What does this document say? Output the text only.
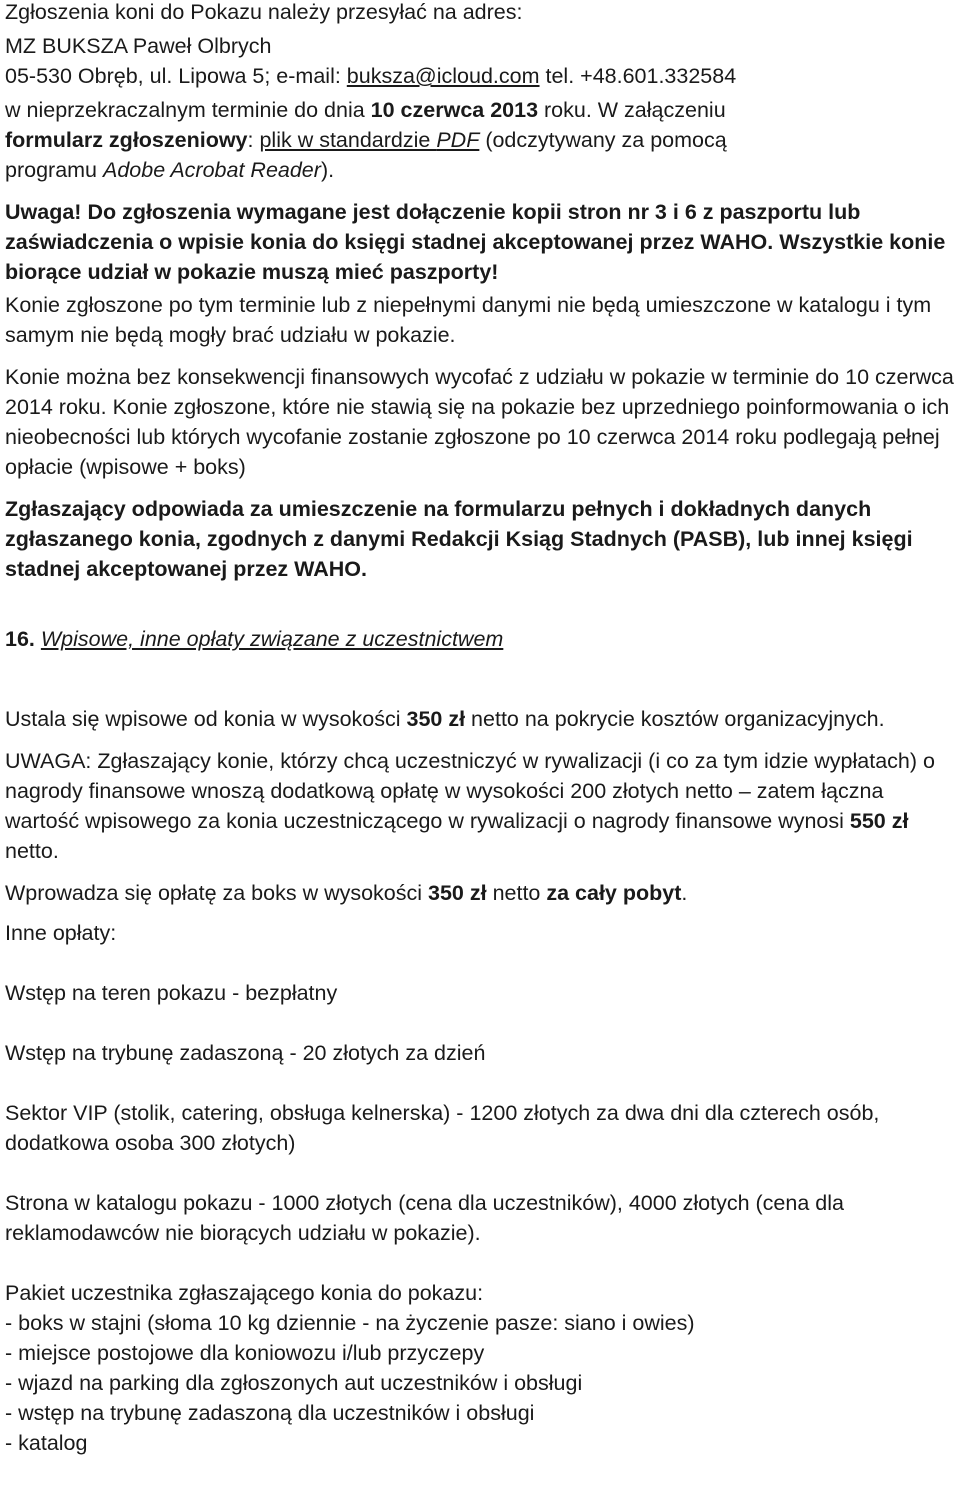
Zgłoszenia koni do Pokazu należy przesyłać na adres:

MZ BUKSZA Paweł Olbrych

05-530 Obręb, ul. Lipowa 5; e-mail: buksza@icloud.com tel. +48.601.332584

w nieprzekraczalnym terminie do dnia 10 czerwca 2013 roku. W załączeniu
formularz zgłoszeniowy: plik w standardzie PDF (odczytywany za pomocą
programu Adobe Acrobat Reader).

Uwaga! Do zgłoszenia wymagane jest dołączenie kopii stron nr 3 i 6 z paszportu lub zaświadczenia o wpisie konia do księgi stadnej akceptowanej przez WAHO. Wszystkie konie biorące udział w pokazie muszą mieć paszporty!

Konie zgłoszone po tym terminie lub z niepełnymi danymi nie będą umieszczone w katalogu i tym samym nie będą mogły brać udziału w pokazie.

Konie można bez konsekwencji finansowych wycofać z udziału w pokazie w terminie do 10 czerwca 2014 roku. Konie zgłoszone, które nie stawią się na pokazie bez uprzedniego poinformowania o ich nieobecności lub których wycofanie zostanie zgłoszone po 10 czerwca 2014 roku podlegają pełnej opłacie (wpisowe + boks)

Zgłaszający odpowiada za umieszczenie na formularzu pełnych i dokładnych danych zgłaszanego konia, zgodnych z danymi Redakcji Ksiąg Stadnych (PASB), lub innej księgi stadnej akceptowanej przez WAHO.

16. Wpisowe, inne opłaty związane z uczestnictwem

Ustala się wpisowe od konia w wysokości 350 zł netto na pokrycie kosztów organizacyjnych.

UWAGA: Zgłaszający konie, którzy chcą uczestniczyć w rywalizacji (i co za tym idzie wypłatach) o nagrody finansowe wnoszą dodatkową opłatę w wysokości 200 złotych netto – zatem łączna wartość wpisowego za konia uczestniczącego w rywalizacji o nagrody finansowe wynosi 550 zł netto.

Wprowadza się opłatę za boks w wysokości 350 zł netto za cały pobyt.

Inne opłaty:

Wstęp na teren pokazu - bezpłatny

Wstęp na trybunę zadaszoną - 20 złotych za dzień

Sektor VIP (stolik, catering, obsługa kelnerska) - 1200 złotych za dwa dni dla czterech osób, dodatkowa osoba 300 złotych)

Strona w katalogu pokazu - 1000 złotych (cena dla uczestników), 4000 złotych (cena dla reklamodawców nie biorących udziału w pokazie).

Pakiet uczestnika zgłaszającego konia do pokazu:

- boks w stajni (słoma 10 kg dziennie - na życzenie pasze: siano i owies)

- miejsce postojowe dla koniowozu i/lub przyczepy

- wjazd na parking dla zgłoszonych aut uczestników i obsługi

- wstęp na trybunę zadaszoną dla uczestników i obsługi

- katalog
